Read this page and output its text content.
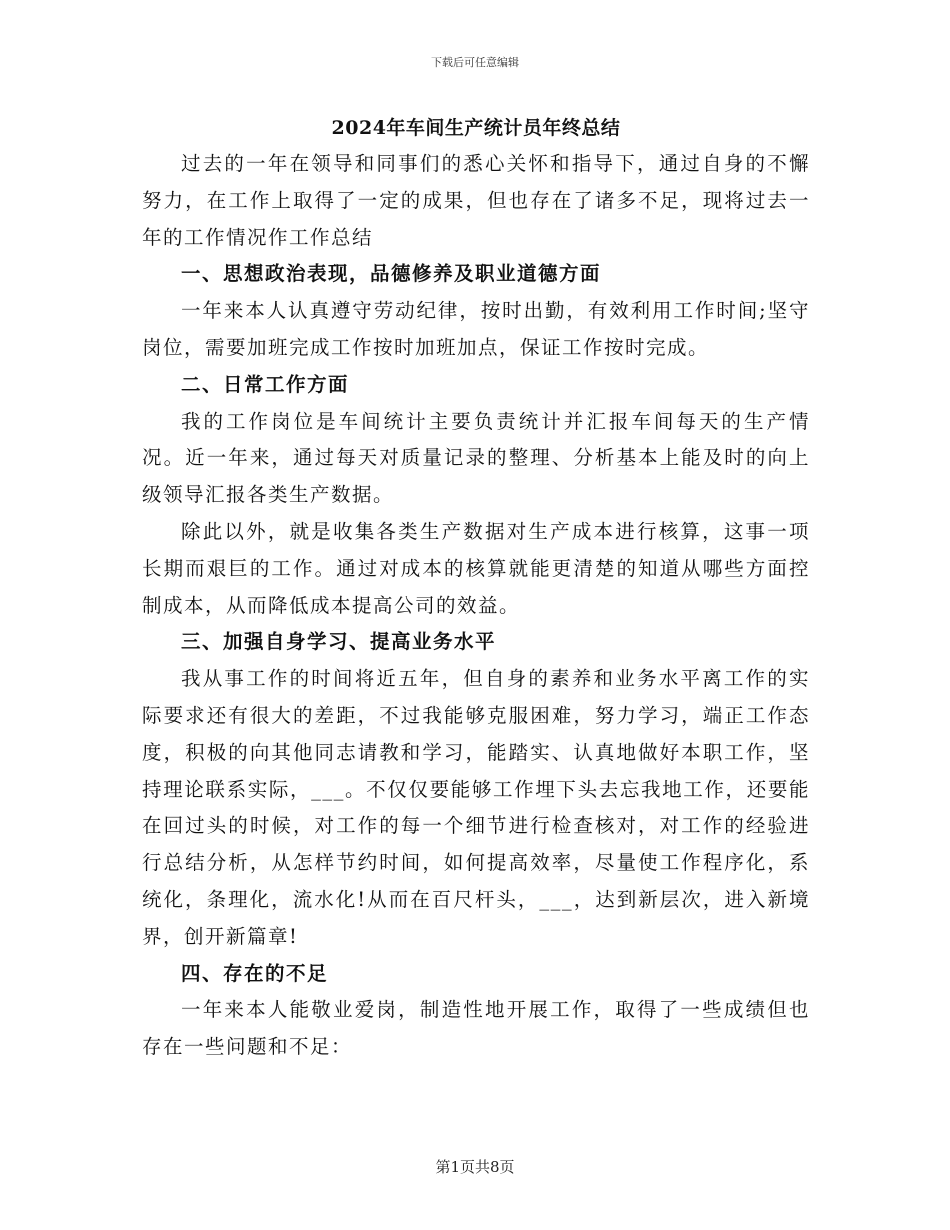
下载后可任意编辑

2024年车间生产统计员年终总结

过去的一年在领导和同事们的悉心关怀和指导下，通过自身的不懈努力，在工作上取得了一定的成果，但也存在了诸多不足，现将过去一年的工作情况作工作总结

一、思想政治表现，品德修养及职业道德方面

一年来本人认真遵守劳动纪律，按时出勤，有效利用工作时间;坚守岗位，需要加班完成工作按时加班加点，保证工作按时完成。

二、日常工作方面

我的工作岗位是车间统计主要负责统计并汇报车间每天的生产情况。近一年来，通过每天对质量记录的整理、分析基本上能及时的向上级领导汇报各类生产数据。

除此以外，就是收集各类生产数据对生产成本进行核算，这事一项长期而艰巨的工作。通过对成本的核算就能更清楚的知道从哪些方面控制成本，从而降低成本提高公司的效益。

三、加强自身学习、提高业务水平

我从事工作的时间将近五年，但自身的素养和业务水平离工作的实际要求还有很大的差距，不过我能够克服困难，努力学习，端正工作态度，积极的向其他同志请教和学习，能踏实、认真地做好本职工作，坚持理论联系实际，___。不仅仅要能够工作埋下头去忘我地工作，还要能在回过头的时候，对工作的每一个细节进行检查核对，对工作的经验进行总结分析，从怎样节约时间，如何提高效率，尽量使工作程序化，系统化，条理化，流水化!从而在百尺杆头，___，达到新层次，进入新境界，创开新篇章!

四、存在的不足

一年来本人能敬业爱岗，制造性地开展工作，取得了一些成绩但也存在一些问题和不足：

第1页共8页
